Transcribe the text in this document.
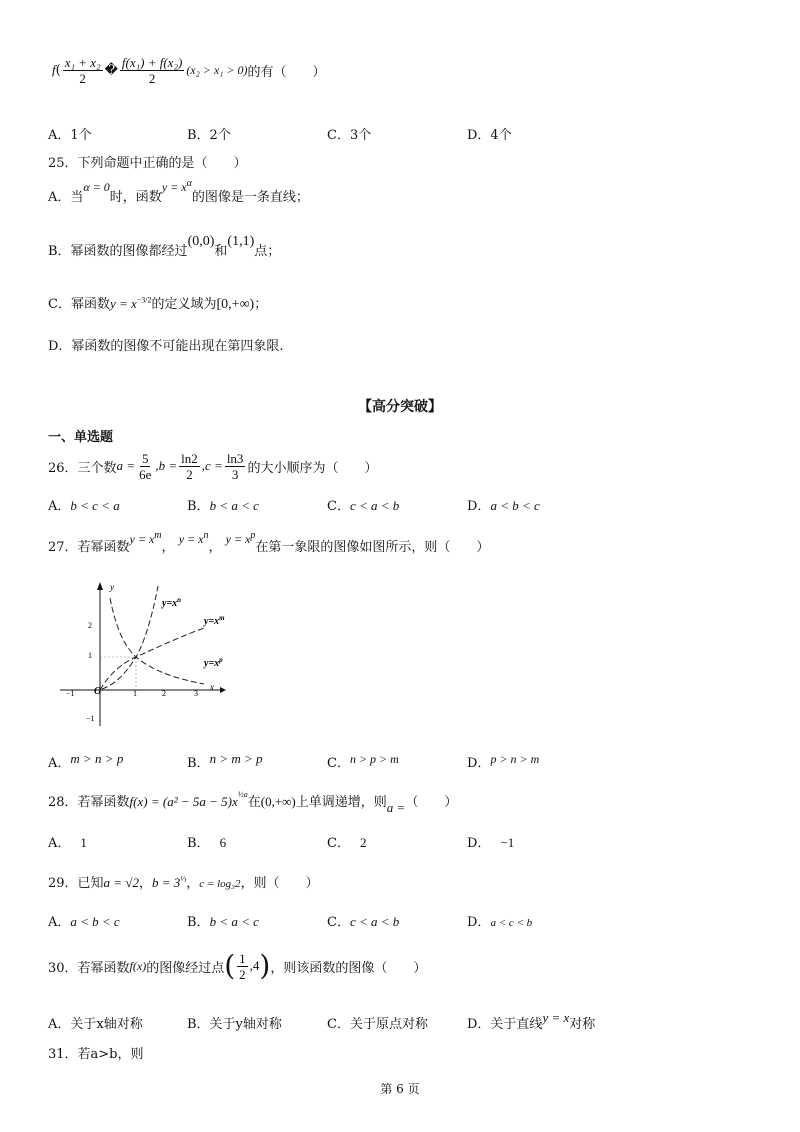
f ( $\frac{\text{x₁ + x₂}}{2}$ � $\frac{\text{f(x₁) + f(x₂)}}{2} (x_2 > x_1 > 0)$ 的有（　　）
A．1个	B．2个	C．3个	D．4个
25．下列命题中正确的是（　　）
A．当α = 0时，函数$y = x^\alpha$的图像是一条直线；
B．幂函数的图像都经过(0,0)和(1,1)点；
C．幂函数$y = x^{-3/2}$的定义域为[0,+∞)；
D．幂函数的图像不可能出现在第四象限.
【高分突破】
一、单选题
26．三个数 $a = \frac{5}{6e} ,b = \frac{\ln 2}{2} ,c = \frac{\ln 3}{3}$ 的大小顺序为（　　）
A．b < c < a	B．b < a < c	C．c < a < b	D．a < b < c
27．若幂函数$y = x^m$， $y = x^n$， $y = x^p$在第一象限的图像如图所示，则（　　）
y
x
O
−1	1	2	3
2
1
−1
$y=x^n$
$y=x^m$
$y=x^p$
A．m > n > p	B．n > m > p	C．n > p > m	D．p > n > m
28．若幂函数$f(x) = (a^2 - 5a - 5)x^{\frac{1}{2}a}$在(0,+∞)上单调递增，则a =（　　）
A． 1	B． 6	C． 2	D． −1
29．已知a = √2，$b = 3^{\frac{1}{3}}$，c = log₃2，则（　　）
A．a < b < c	B．b < a < c	C．c < a < b	D．a < c < b
30．若幂函数 f(x) 的图像经过点 ( $\frac{1}{2} ,4$ ) ，则该函数的图像（　　）
A．关于x轴对称	B．关于y轴对称	C．关于原点对称	D．关于直线y = x对称
31．若a>b，则
第 6 页
